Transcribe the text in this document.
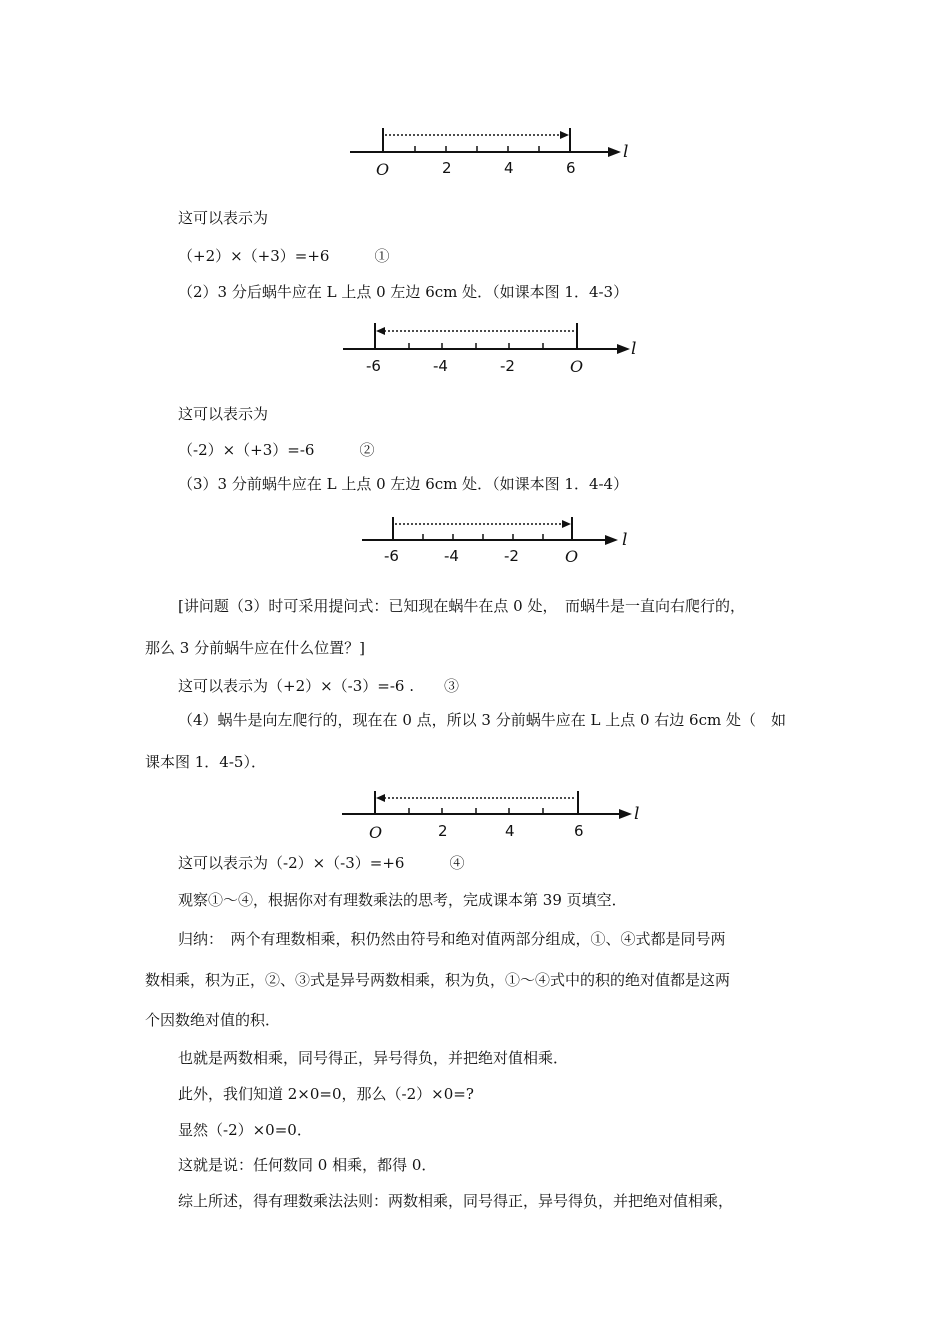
O	2	4	6
l
这可以表示为
（+2）×（+3）=+6　　　①
（2）3 分后蜗牛应在 L 上点 0 左边 6cm 处．（如课本图 1．4-3）
-6	-4	-2	O
l
这可以表示为
（-2）×（+3）=-6　　　②
（3）3 分前蜗牛应在 L 上点 0 左边 6cm 处．（如课本图 1．4-4）
-6	-4	-2	O
l
[讲问题（3）时可采用提问式：已知现在蜗牛在点 0 处，　而蜗牛是一直向右爬行的，
那么 3 分前蜗牛应在什么位置？]
这可以表示为（+2）×（-3）=-6 .　　③
（4）蜗牛是向左爬行的，现在在 0 点，所以 3 分前蜗牛应在 L 上点 0 右边 6cm 处（　如
课本图 1．4-5）．
O	2	4	6
l
这可以表示为（-2）×（-3）=+6　　　④
观察①～④，根据你对有理数乘法的思考，完成课本第 39 页填空．
归纳：　两个有理数相乘，积仍然由符号和绝对值两部分组成，①、④式都是同号两
数相乘，积为正，②、③式是异号两数相乘，积为负，①～④式中的积的绝对值都是这两
个因数绝对值的积．
也就是两数相乘，同号得正，异号得负，并把绝对值相乘．
此外，我们知道 2×0=0，那么（-2）×0=?
显然（-2）×0=0．
这就是说：任何数同 0 相乘，都得 0．
综上所述，得有理数乘法法则：两数相乘，同号得正，异号得负，并把绝对值相乘，
